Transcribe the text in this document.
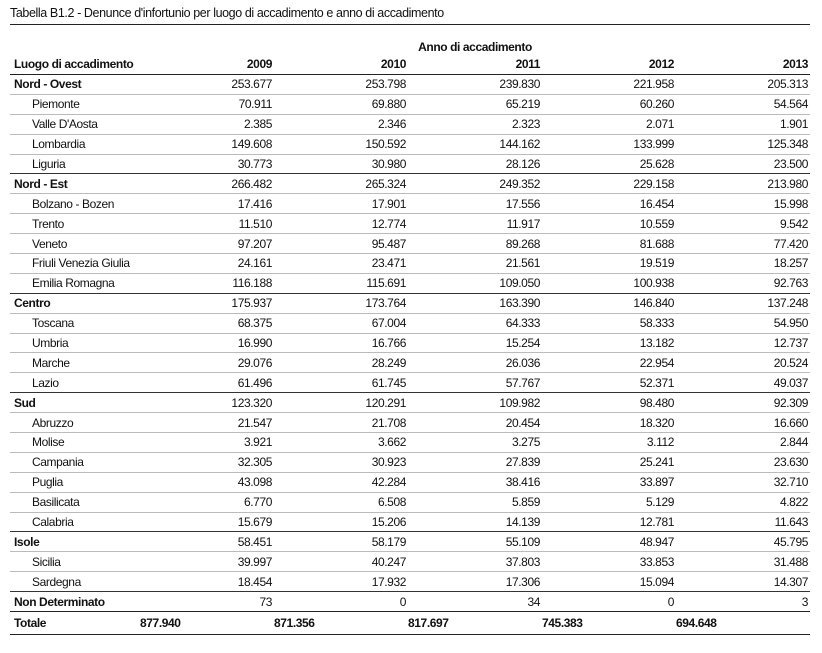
Tabella B1.2 - Denunce d'infortunio per luogo di accadimento e anno di accadimento
	Anno di accadimento				
Luogo di accadimento	2009	2010	2011	2012	2013
Nord - Ovest	253.677	253.798	239.830	221.958	205.313
Piemonte	70.911	69.880	65.219	60.260	54.564
Valle D'Aosta	2.385	2.346	2.323	2.071	1.901
Lombardia	149.608	150.592	144.162	133.999	125.348
Liguria	30.773	30.980	28.126	25.628	23.500
Nord - Est	266.482	265.324	249.352	229.158	213.980
Bolzano - Bozen	17.416	17.901	17.556	16.454	15.998
Trento	11.510	12.774	11.917	10.559	9.542
Veneto	97.207	95.487	89.268	81.688	77.420
Friuli Venezia Giulia	24.161	23.471	21.561	19.519	18.257
Emilia Romagna	116.188	115.691	109.050	100.938	92.763
Centro	175.937	173.764	163.390	146.840	137.248
Toscana	68.375	67.004	64.333	58.333	54.950
Umbria	16.990	16.766	15.254	13.182	12.737
Marche	29.076	28.249	26.036	22.954	20.524
Lazio	61.496	61.745	57.767	52.371	49.037
Sud	123.320	120.291	109.982	98.480	92.309
Abruzzo	21.547	21.708	20.454	18.320	16.660
Molise	3.921	3.662	3.275	3.112	2.844
Campania	32.305	30.923	27.839	25.241	23.630
Puglia	43.098	42.284	38.416	33.897	32.710
Basilicata	6.770	6.508	5.859	5.129	4.822
Calabria	15.679	15.206	14.139	12.781	11.643
Isole	58.451	58.179	55.109	48.947	45.795
Sicilia	39.997	40.247	37.803	33.853	31.488
Sardegna	18.454	17.932	17.306	15.094	14.307
Non Determinato	73	0	34	0	3
Totale	877.940	871.356	817.697	745.383	694.648
